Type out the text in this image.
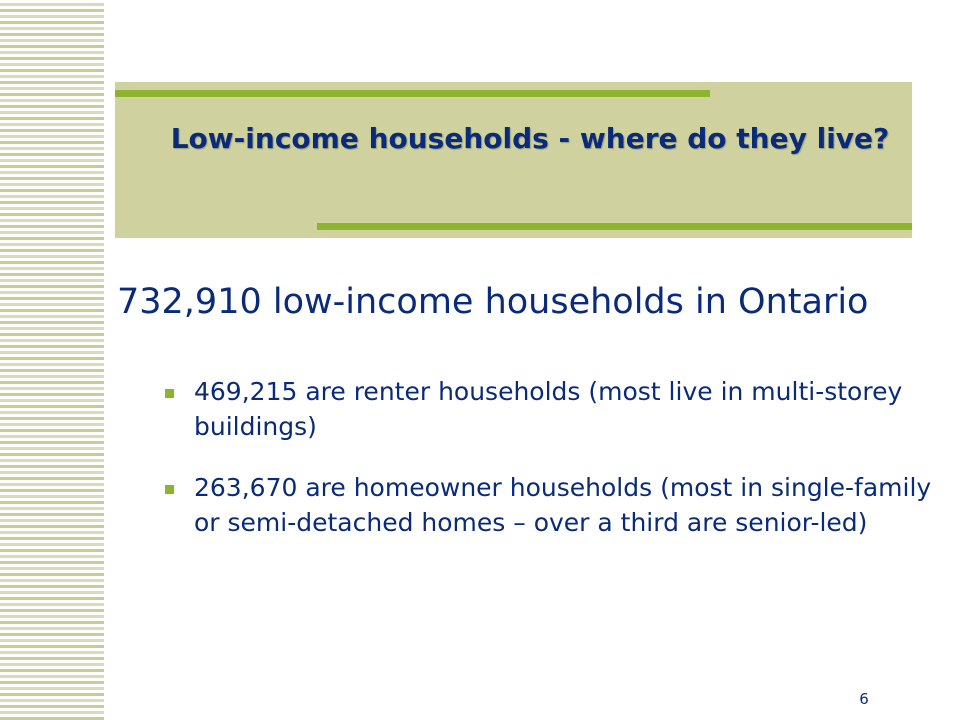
Low-income households - where do they live?

732,910 low-income households in Ontario

469,215 are renter households (most live in multi-storey buildings)
263,670 are homeowner households (most in single-family or semi-detached homes – over a third are senior-led)
6
